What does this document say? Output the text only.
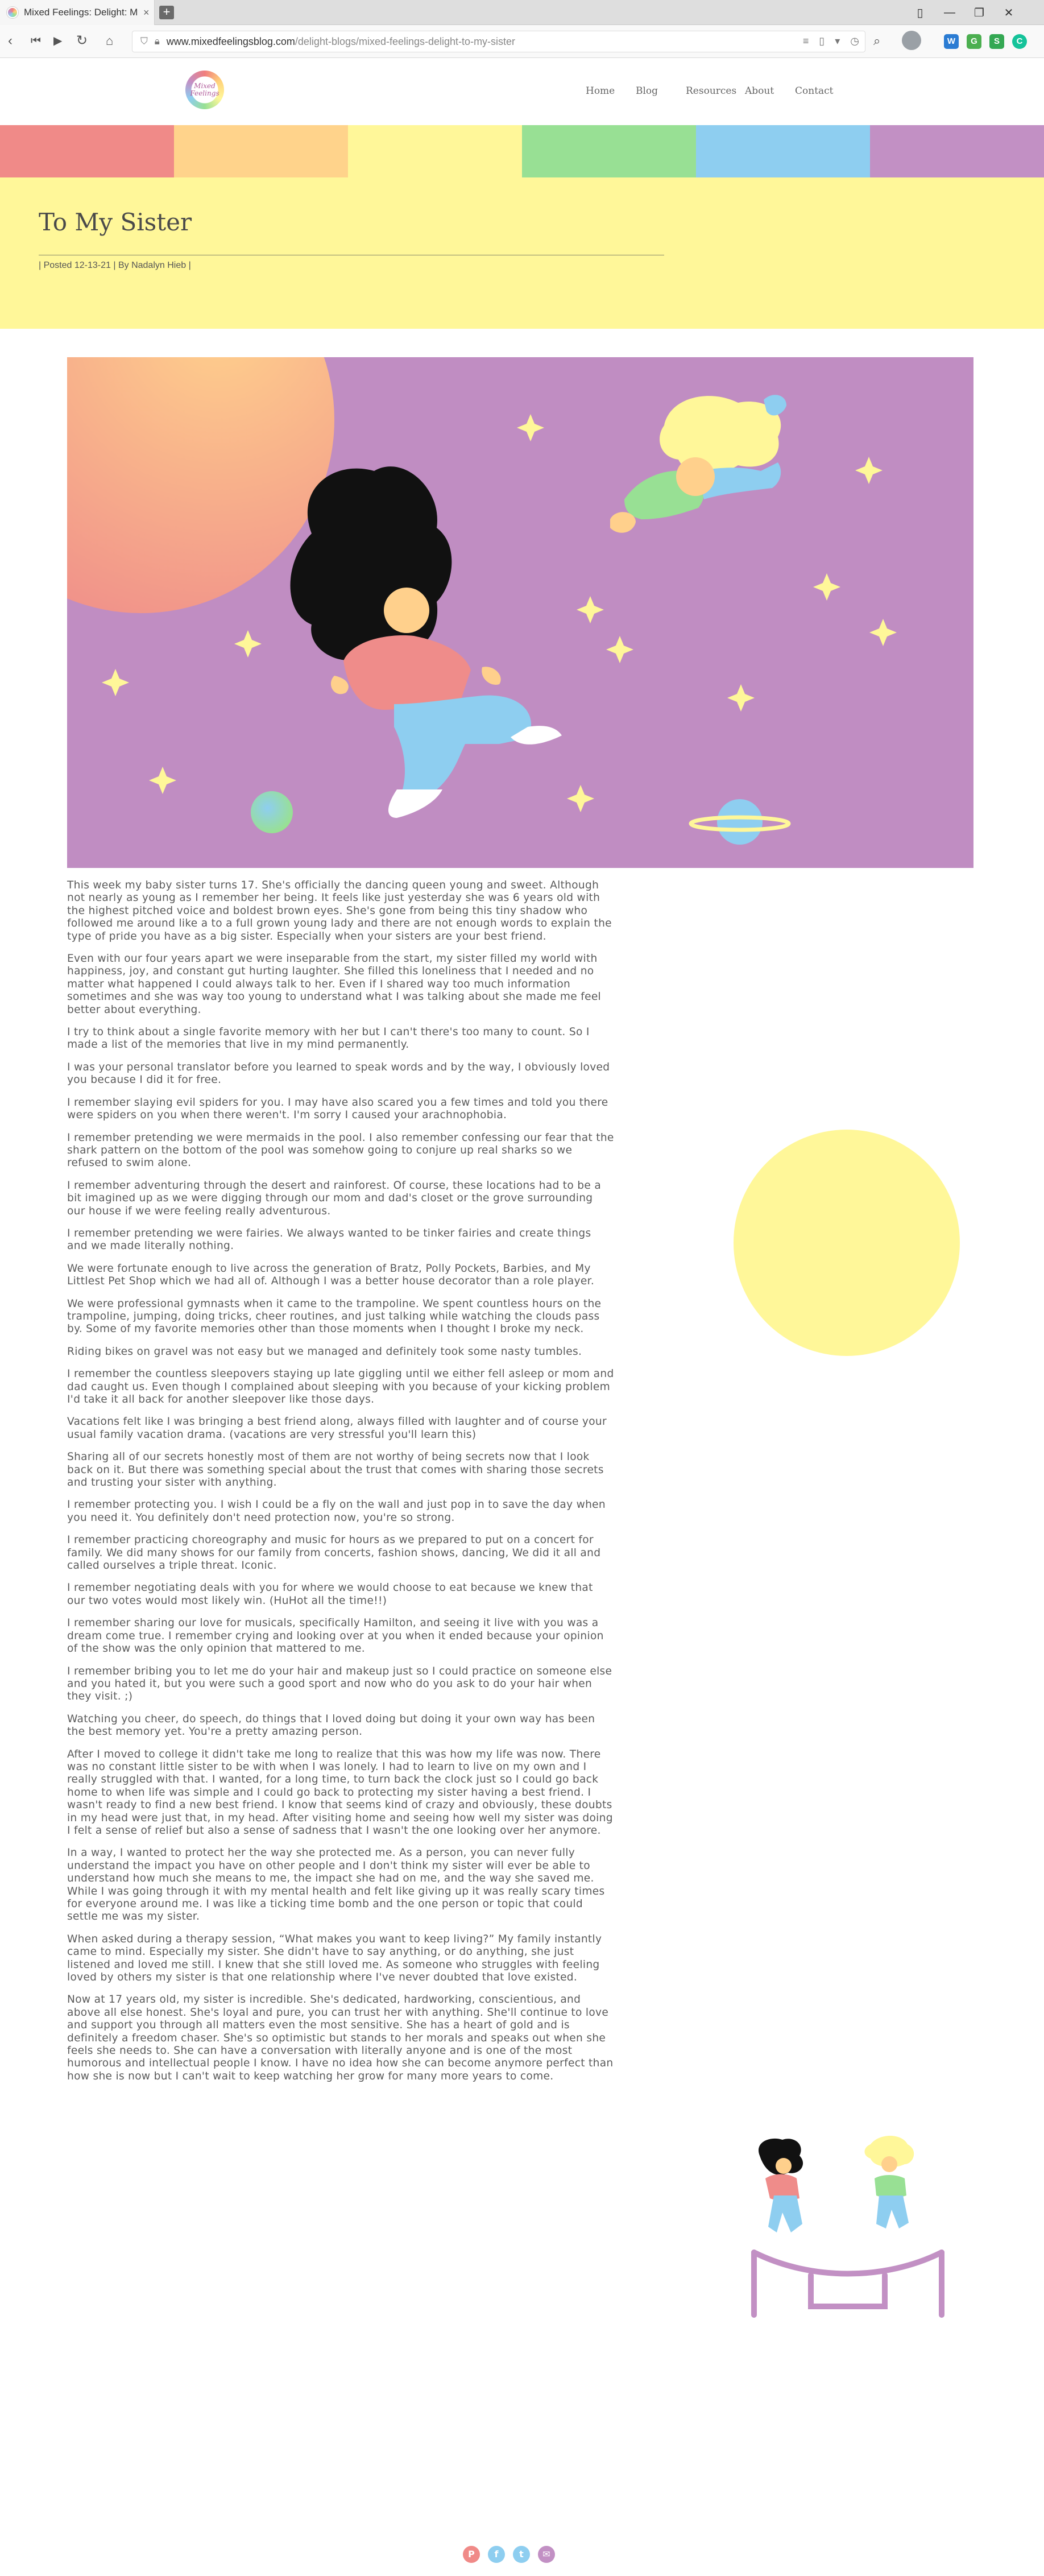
Mixed Feelings: Delight: M × +	▯	—	❐	✕
‹ ⏮ ▶ ↻ ⌂	⛉ 🔒︎ www.mixedfeelingsblog.com/delight-blogs/mixed-feelings-delight-to-my-sister	≡ ▯ ▾ ◷ ⌕	W	G	S	C
Mixed
Feelings	Home	Blog	Resources About	Contact
To My Sister
| Posted 12-13-21 | By Nadalyn Hieb |

This week my baby sister turns 17. She's officially the dancing queen young and sweet. Although not nearly as young as I remember her being. It feels like just yesterday she was 6 years old with the highest pitched voice and boldest brown eyes. She's gone from being this tiny shadow who followed me around like a to a full grown young lady and there are not enough words to explain the type of pride you have as a big sister. Especially when your sisters are your best friend.

Even with our four years apart we were inseparable from the start, my sister filled my world with happiness, joy, and constant gut hurting laughter. She filled this loneliness that I needed and no matter what happened I could always talk to her. Even if I shared way too much information sometimes and she was way too young to understand what I was talking about she made me feel better about everything.

I try to think about a single favorite memory with her but I can't there's too many to count. So I made a list of the memories that live in my mind permanently.

I was your personal translator before you learned to speak words and by the way, I obviously loved you because I did it for free.

I remember slaying evil spiders for you. I may have also scared you a few times and told you there were spiders on you when there weren't. I'm sorry I caused your arachnophobia.

I remember pretending we were mermaids in the pool. I also remember confessing our fear that the shark pattern on the bottom of the pool was somehow going to conjure up real sharks so we refused to swim alone.

I remember adventuring through the desert and rainforest. Of course, these locations had to be a bit imagined up as we were digging through our mom and dad's closet or the grove surrounding our house if we were feeling really adventurous.

I remember pretending we were fairies. We always wanted to be tinker fairies and create things and we made literally nothing.

We were fortunate enough to live across the generation of Bratz, Polly Pockets, Barbies, and My Littlest Pet Shop which we had all of. Although I was a better house decorator than a role player.

We were professional gymnasts when it came to the trampoline. We spent countless hours on the trampoline, jumping, doing tricks, cheer routines, and just talking while watching the clouds pass by. Some of my favorite memories other than those moments when I thought I broke my neck.

Riding bikes on gravel was not easy but we managed and definitely took some nasty tumbles.

I remember the countless sleepovers staying up late giggling until we either fell asleep or mom and dad caught us. Even though I complained about sleeping with you because of your kicking problem I'd take it all back for another sleepover like those days.

Vacations felt like I was bringing a best friend along, always filled with laughter and of course your usual family vacation drama. (vacations are very stressful you'll learn this)

Sharing all of our secrets honestly most of them are not worthy of being secrets now that I look back on it. But there was something special about the trust that comes with sharing those secrets and trusting your sister with anything.

I remember protecting you. I wish I could be a fly on the wall and just pop in to save the day when you need it. You definitely don't need protection now, you're so strong.

I remember practicing choreography and music for hours as we prepared to put on a concert for family. We did many shows for our family from concerts, fashion shows, dancing, We did it all and called ourselves a triple threat. Iconic.

I remember negotiating deals with you for where we would choose to eat because we knew that our two votes would most likely win. (HuHot all the time!!)

I remember sharing our love for musicals, specifically Hamilton, and seeing it live with you was a dream come true. I remember crying and looking over at you when it ended because your opinion of the show was the only opinion that mattered to me.

I remember bribing you to let me do your hair and makeup just so I could practice on someone else and you hated it, but you were such a good sport and now who do you ask to do your hair when they visit. ;)

Watching you cheer, do speech, do things that I loved doing but doing it your own way has been the best memory yet. You're a pretty amazing person.

After I moved to college it didn't take me long to realize that this was how my life was now. There was no constant little sister to be with when I was lonely. I had to learn to live on my own and I really struggled with that. I wanted, for a long time, to turn back the clock just so I could go back home to when life was simple and I could go back to protecting my sister having a best friend. I wasn't ready to find a new best friend. I know that seems kind of crazy and obviously, these doubts in my head were just that, in my head. After visiting home and seeing how well my sister was doing I felt a sense of relief but also a sense of sadness that I wasn't the one looking over her anymore.

In a way, I wanted to protect her the way she protected me. As a person, you can never fully understand the impact you have on other people and I don't think my sister will ever be able to understand how much she means to me, the impact she had on me, and the way she saved me. While I was going through it with my mental health and felt like giving up it was really scary times for everyone around me. I was like a ticking time bomb and the one person or topic that could settle me was my sister.

When asked during a therapy session, “What makes you want to keep living?” My family instantly came to mind. Especially my sister. She didn't have to say anything, or do anything, she just listened and loved me still. I knew that she still loved me. As someone who struggles with feeling loved by others my sister is that one relationship where I've never doubted that love existed.

Now at 17 years old, my sister is incredible. She's dedicated, hardworking, conscientious, and above all else honest. She's loyal and pure, you can trust her with anything. She'll continue to love and support you through all matters even the most sensitive. She has a heart of gold and is definitely a freedom chaser. She's so optimistic but stands to her morals and speaks out when she feels she needs to. She can have a conversation with literally anyone and is one of the most humorous and intellectual people I know. I have no idea how she can become anymore perfect than how she is now but I can't wait to keep watching her grow for many more years to come.

P	f	t	✉
